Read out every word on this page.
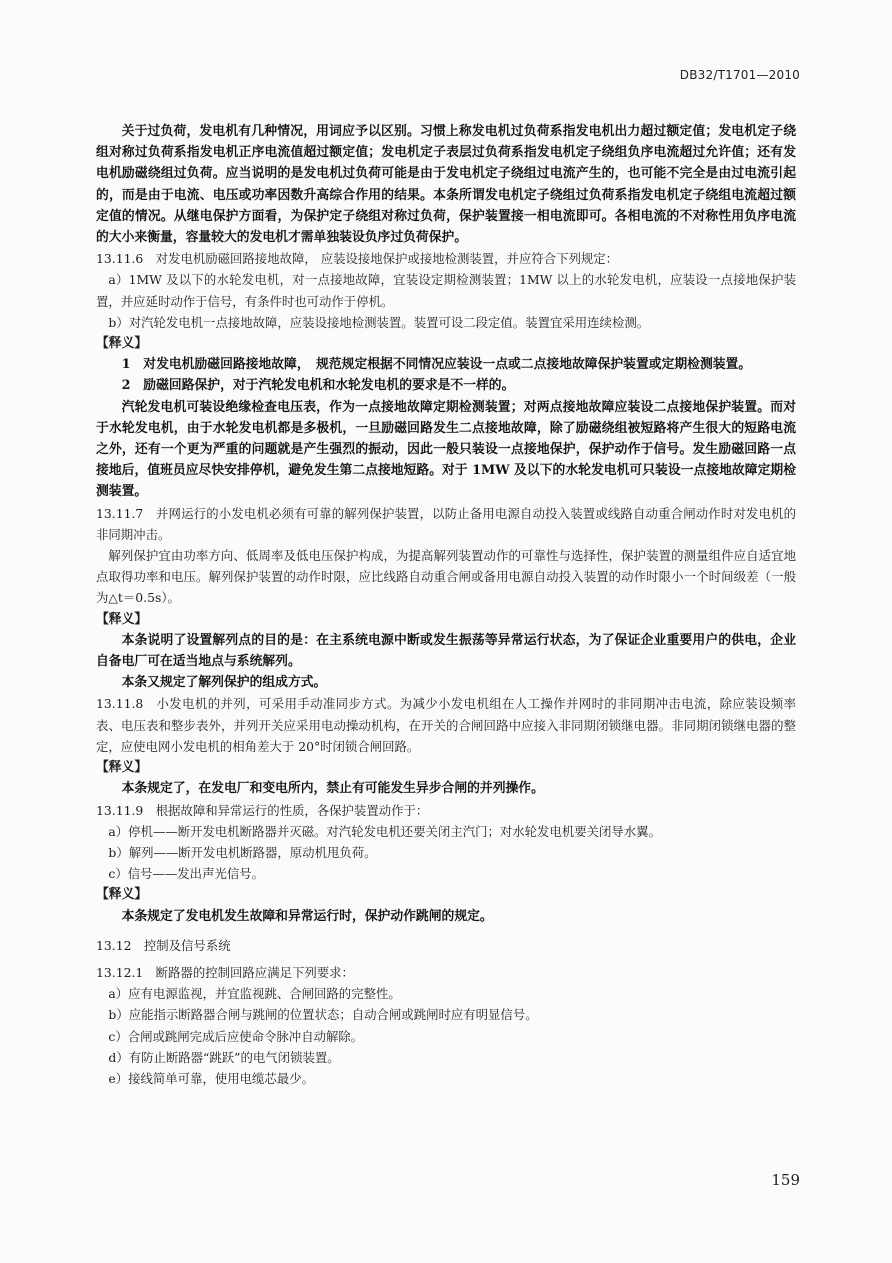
DB32/T1701—2010

关于过负荷，发电机有几种情况，用词应予以区别。习惯上称发电机过负荷系指发电机出力超过额定值；发电机定子绕组对称过负荷系指发电机正序电流值超过额定值；发电机定子表层过负荷系指发电机定子绕组负序电流超过允许值；还有发电机励磁绕组过负荷。应当说明的是发电机过负荷可能是由于发电机定子绕组过电流产生的，也可能不完全是由过电流引起的，而是由于电流、电压或功率因数升高综合作用的结果。本条所谓发电机定子绕组过负荷系指发电机定子绕组电流超过额定值的情况。从继电保护方面看，为保护定子绕组对称过负荷，保护装置接一相电流即可。各相电流的不对称性用负序电流的大小来衡量，容量较大的发电机才需单独装设负序过负荷保护。

13.11.6　对发电机励磁回路接地故障， 应装设接地保护或接地检测装置，并应符合下列规定：

a）1MW 及以下的水轮发电机，对一点接地故障，宜装设定期检测装置；1MW 以上的水轮发电机，应装设一点接地保护装置，并应延时动作于信号，有条件时也可动作于停机。

b）对汽轮发电机一点接地故障，应装设接地检测装置。装置可设二段定值。装置宜采用连续检测。

【释义】

1　对发电机励磁回路接地故障，　规范规定根据不同情况应装设一点或二点接地故障保护装置或定期检测装置。

2　励磁回路保护，对于汽轮发电机和水轮发电机的要求是不一样的。

汽轮发电机可装设绝缘检查电压表，作为一点接地故障定期检测装置；对两点接地故障应装设二点接地保护装置。而对于水轮发电机，由于水轮发电机都是多极机，一旦励磁回路发生二点接地故障，除了励磁绕组被短路将产生很大的短路电流之外，还有一个更为严重的问题就是产生强烈的振动，因此一般只装设一点接地保护，保护动作于信号。发生励磁回路一点接地后，值班员应尽快安排停机，避免发生第二点接地短路。对于 1MW 及以下的水轮发电机可只装设一点接地故障定期检测装置。

13.11.7　并网运行的小发电机必须有可靠的解列保护装置，以防止备用电源自动投入装置或线路自动重合闸动作时对发电机的非同期冲击。

解列保护宜由功率方向、低周率及低电压保护构成，为提高解列装置动作的可靠性与选择性，保护装置的测量组件应自适宜地点取得功率和电压。解列保护装置的动作时限，应比线路自动重合闸或备用电源自动投入装置的动作时限小一个时间级差（一般为△t＝0.5s）。

【释义】

本条说明了设置解列点的目的是：在主系统电源中断或发生振荡等异常运行状态，为了保证企业重要用户的供电，企业自备电厂可在适当地点与系统解列。

本条又规定了解列保护的组成方式。

13.11.8　小发电机的并列，可采用手动准同步方式。为减少小发电机组在人工操作并网时的非同期冲击电流，除应装设频率表、电压表和整步表外，并列开关应采用电动操动机构，在开关的合闸回路中应接入非同期闭锁继电器。非同期闭锁继电器的整定，应使电网小发电机的相角差大于 20°时闭锁合闸回路。

【释义】

本条规定了，在发电厂和变电所内，禁止有可能发生异步合闸的并列操作。

13.11.9　根据故障和异常运行的性质，各保护装置动作于：

a）停机——断开发电机断路器并灭磁。对汽轮发电机还要关闭主汽门；对水轮发电机要关闭导水翼。

b）解列——断开发电机断路器，原动机甩负荷。

c）信号——发出声光信号。

【释义】

本条规定了发电机发生故障和异常运行时，保护动作跳闸的规定。

13.12　控制及信号系统

13.12.1　断路器的控制回路应满足下列要求：

a）应有电源监视，并宜监视跳、合闸回路的完整性。

b）应能指示断路器合闸与跳闸的位置状态；自动合闸或跳闸时应有明显信号。

c）合闸或跳闸完成后应使命令脉冲自动解除。

d）有防止断路器“跳跃”的电气闭锁装置。

e）接线简单可靠，使用电缆芯最少。

159
